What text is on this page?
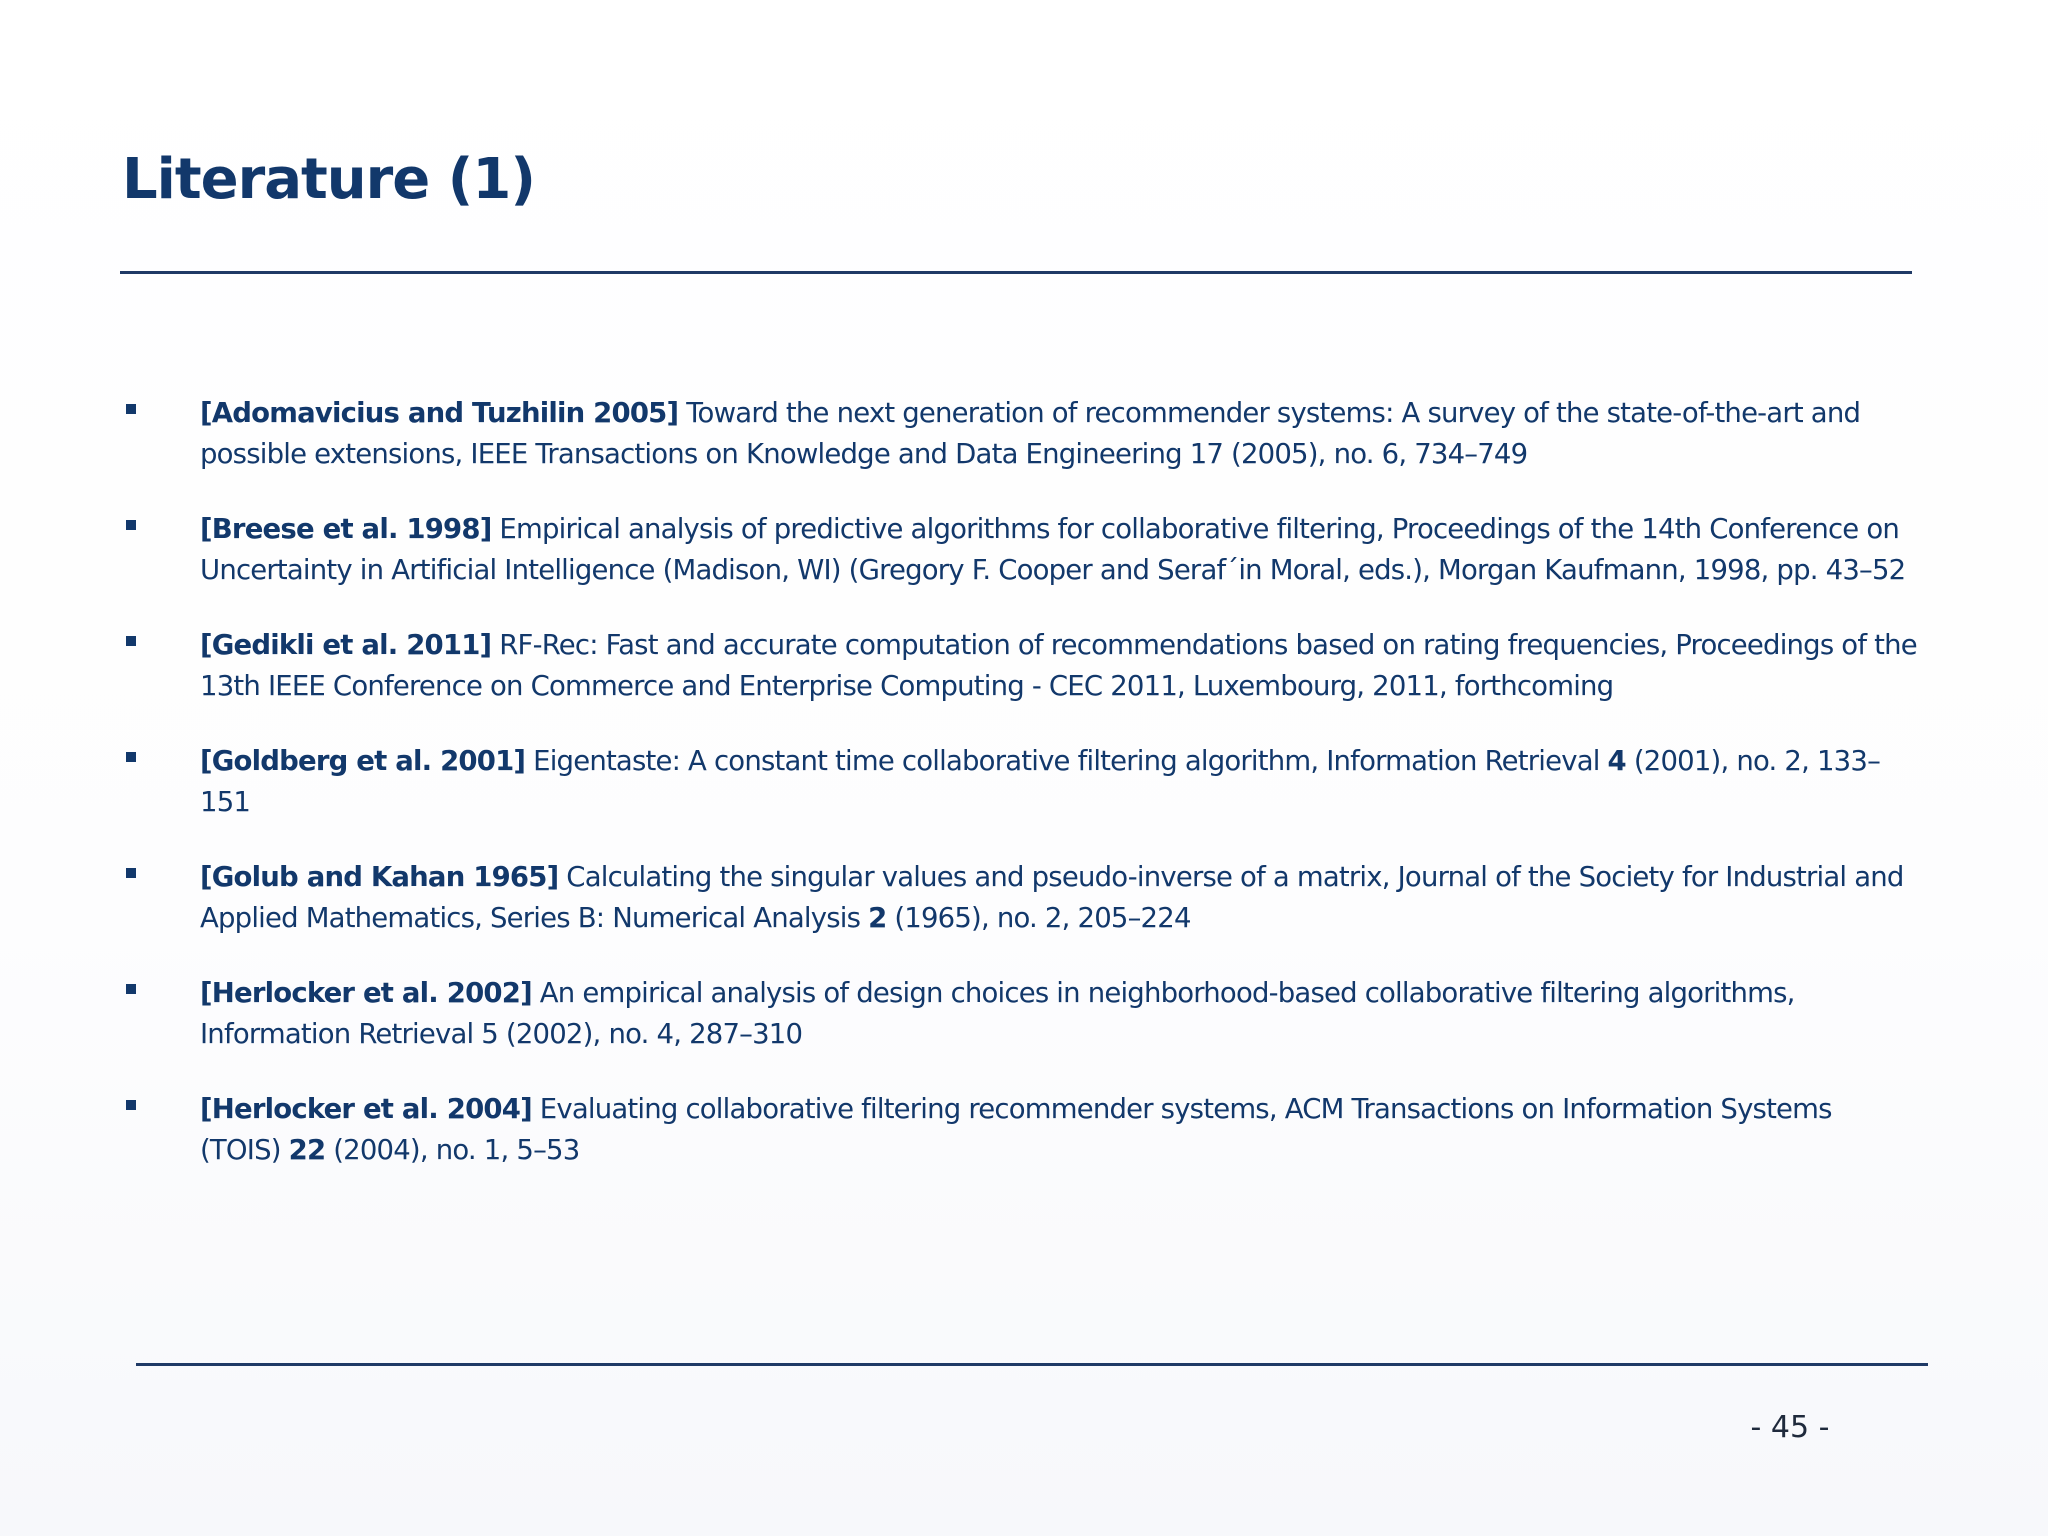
Literature (1)
[Adomavicius and Tuzhilin 2005] Toward the next generation of recommender systems: A survey of the state-of-the-art and possible extensions, IEEE Transactions on Knowledge and Data Engineering 17 (2005), no. 6, 734–749
[Breese et al. 1998] Empirical analysis of predictive algorithms for collaborative filtering, Proceedings of the 14th Conference on Uncertainty in Artificial Intelligence (Madison, WI) (Gregory F. Cooper and Seraf´in Moral, eds.), Morgan Kaufmann, 1998, pp. 43–52
[Gedikli et al. 2011] RF-Rec: Fast and accurate computation of recommendations based on rating frequencies, Proceedings of the 13th IEEE Conference on Commerce and Enterprise Computing - CEC 2011, Luxembourg, 2011, forthcoming
[Goldberg et al. 2001] Eigentaste: A constant time collaborative filtering algorithm, Information Retrieval 4 (2001), no. 2, 133–151
[Golub and Kahan 1965] Calculating the singular values and pseudo-inverse of a matrix, Journal of the Society for Industrial and Applied Mathematics, Series B: Numerical Analysis 2 (1965), no. 2, 205–224
[Herlocker et al. 2002] An empirical analysis of design choices in neighborhood-based collaborative filtering algorithms, Information Retrieval 5 (2002), no. 4, 287–310
[Herlocker et al. 2004] Evaluating collaborative filtering recommender systems, ACM Transactions on Information Systems (TOIS) 22 (2004), no. 1, 5–53
- 45 -
